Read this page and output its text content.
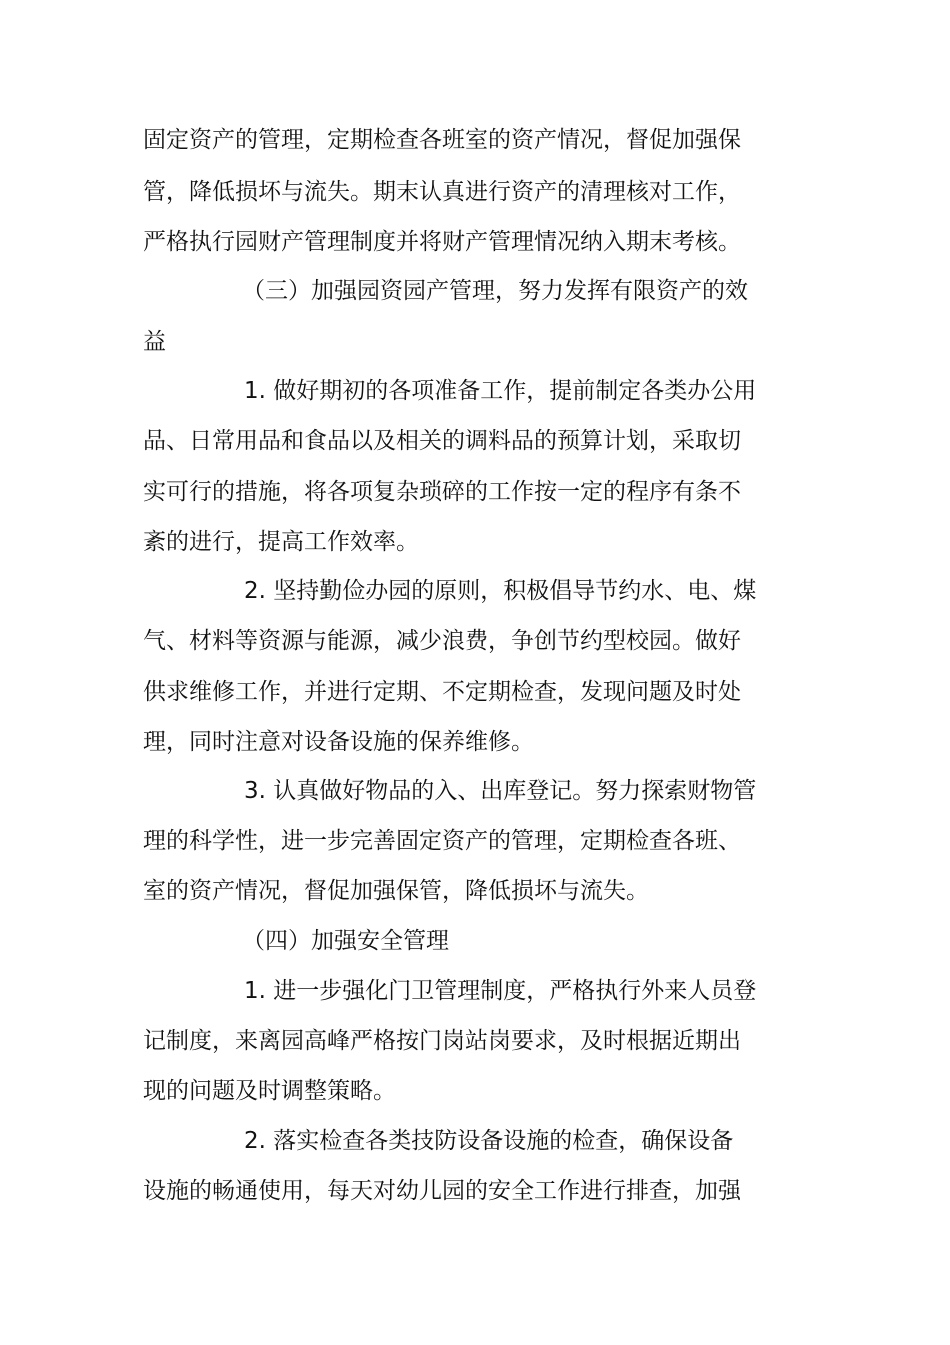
固定资产的管理，定期检查各班室的资产情况，督促加强保
管，降低损坏与流失。期末认真进行资产的清理核对工作，
严格执行园财产管理制度并将财产管理情况纳入期末考核。
（三）加强园资园产管理，努力发挥有限资产的效
益
1. 做好期初的各项准备工作，提前制定各类办公用
品、日常用品和食品以及相关的调料品的预算计划，采取切
实可行的措施，将各项复杂琐碎的工作按一定的程序有条不
紊的进行，提高工作效率。
2. 坚持勤俭办园的原则，积极倡导节约水、电、煤
气、材料等资源与能源，减少浪费，争创节约型校园。做好
供求维修工作，并进行定期、不定期检查，发现问题及时处
理，同时注意对设备设施的保养维修。
3. 认真做好物品的入、出库登记。努力探索财物管
理的科学性，进一步完善固定资产的管理，定期检查各班、
室的资产情况，督促加强保管，降低损坏与流失。
（四）加强安全管理
1. 进一步强化门卫管理制度，严格执行外来人员登
记制度，来离园高峰严格按门岗站岗要求，及时根据近期出
现的问题及时调整策略。
2. 落实检查各类技防设备设施的检查，确保设备
设施的畅通使用，每天对幼儿园的安全工作进行排查，加强
